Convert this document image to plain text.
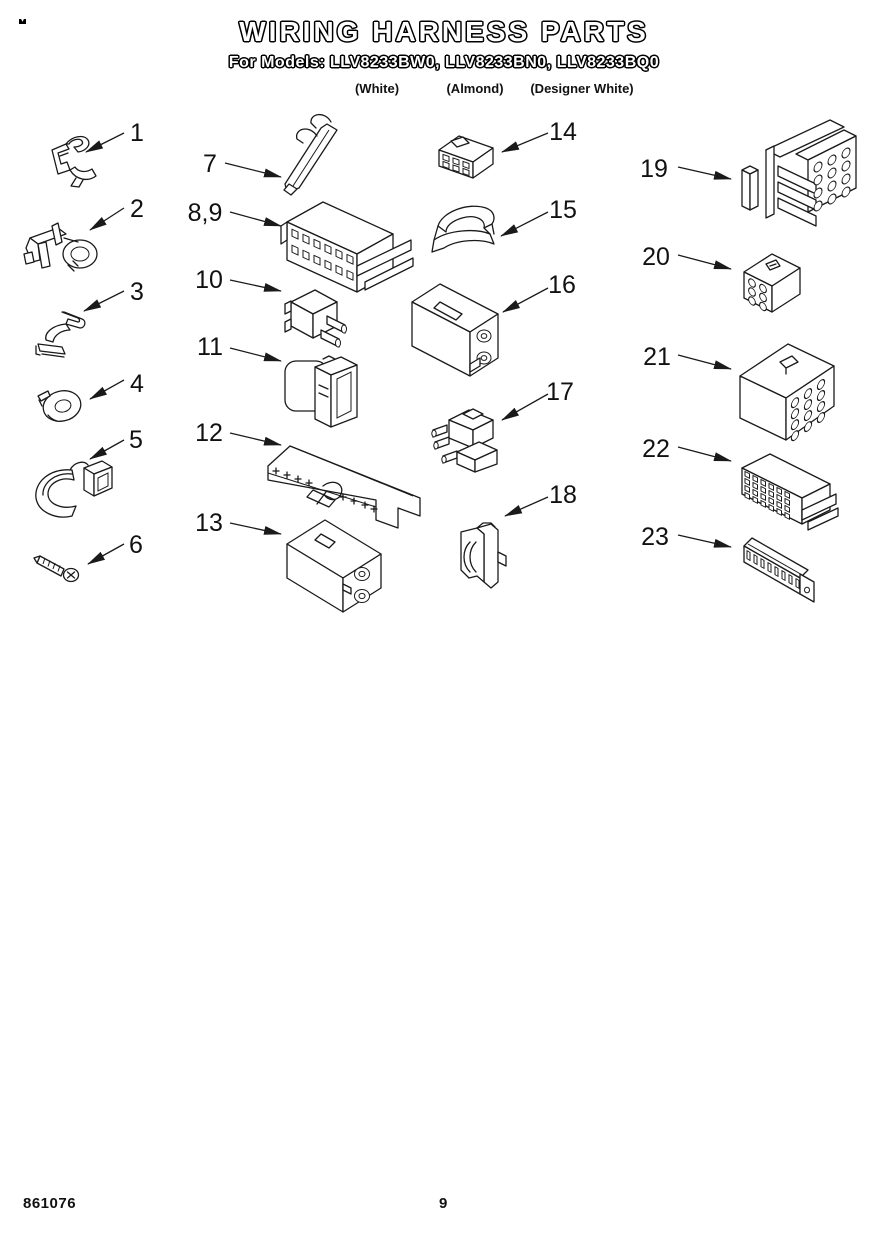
WIRING HARNESS PARTS
For Models: LLV8233BW0, LLV8233BN0, LLV8233BQ0
(White)	(Almond) (Designer White)
1
2
3
4
5
6
7
8,9
10
11
12
13
14
15
16
17
18
19
20
21
22
23
861076	9
